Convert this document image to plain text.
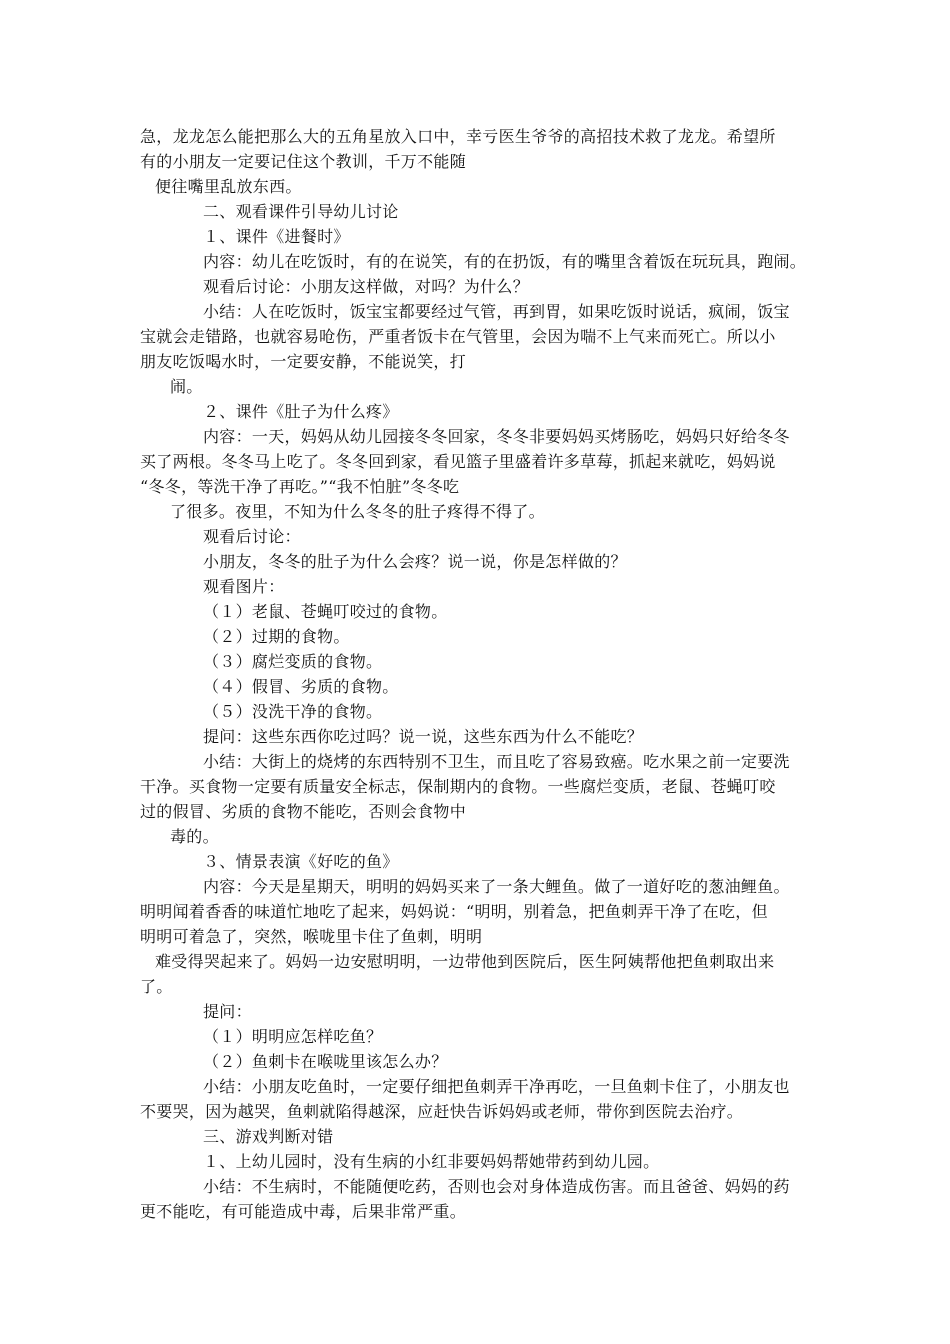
急，龙龙怎么能把那么大的五角星放入口中，幸亏医生爷爷的高招技术救了龙龙。希望所
有的小朋友一定要记住这个教训，千万不能随
便往嘴里乱放东西。
二、观看课件引导幼儿讨论
１、课件《进餐时》
内容：幼儿在吃饭时，有的在说笑，有的在扔饭，有的嘴里含着饭在玩玩具，跑闹。
观看后讨论：小朋友这样做，对吗？为什么？
小结：人在吃饭时，饭宝宝都要经过气管，再到胃，如果吃饭时说话，疯闹，饭宝
宝就会走错路，也就容易呛伤，严重者饭卡在气管里，会因为喘不上气来而死亡。所以小
朋友吃饭喝水时，一定要安静，不能说笑，打
闹。
２、课件《肚子为什么疼》
内容：一天，妈妈从幼儿园接冬冬回家，冬冬非要妈妈买烤肠吃，妈妈只好给冬冬
买了两根。冬冬马上吃了。冬冬回到家，看见篮子里盛着许多草莓，抓起来就吃，妈妈说
“冬冬，等洗干净了再吃。”“我不怕脏”冬冬吃
了很多。夜里，不知为什么冬冬的肚子疼得不得了。
观看后讨论：
小朋友，冬冬的肚子为什么会疼？说一说，你是怎样做的？
观看图片：
（１）老鼠、苍蝇叮咬过的食物。
（２）过期的食物。
（３）腐烂变质的食物。
（４）假冒、劣质的食物。
（５）没洗干净的食物。
提问：这些东西你吃过吗？说一说，这些东西为什么不能吃？
小结：大街上的烧烤的东西特别不卫生，而且吃了容易致癌。吃水果之前一定要洗
干净。买食物一定要有质量安全标志，保制期内的食物。一些腐烂变质，老鼠、苍蝇叮咬
过的假冒、劣质的食物不能吃，否则会食物中
毒的。
３、情景表演《好吃的鱼》
内容：今天是星期天，明明的妈妈买来了一条大鲤鱼。做了一道好吃的葱油鲤鱼。
明明闻着香香的味道忙地吃了起来，妈妈说：“明明，别着急，把鱼刺弄干净了在吃，但
明明可着急了，突然，喉咙里卡住了鱼刺，明明
难受得哭起来了。妈妈一边安慰明明，一边带他到医院后，医生阿姨帮他把鱼刺取出来
了。
提问：
（１）明明应怎样吃鱼？
（２）鱼刺卡在喉咙里该怎么办？
小结：小朋友吃鱼时，一定要仔细把鱼刺弄干净再吃，一旦鱼刺卡住了，小朋友也
不要哭，因为越哭，鱼刺就陷得越深，应赶快告诉妈妈或老师，带你到医院去治疗。
三、游戏判断对错
１、上幼儿园时，没有生病的小红非要妈妈帮她带药到幼儿园。
小结：不生病时，不能随便吃药，否则也会对身体造成伤害。而且爸爸、妈妈的药
更不能吃，有可能造成中毒，后果非常严重。
